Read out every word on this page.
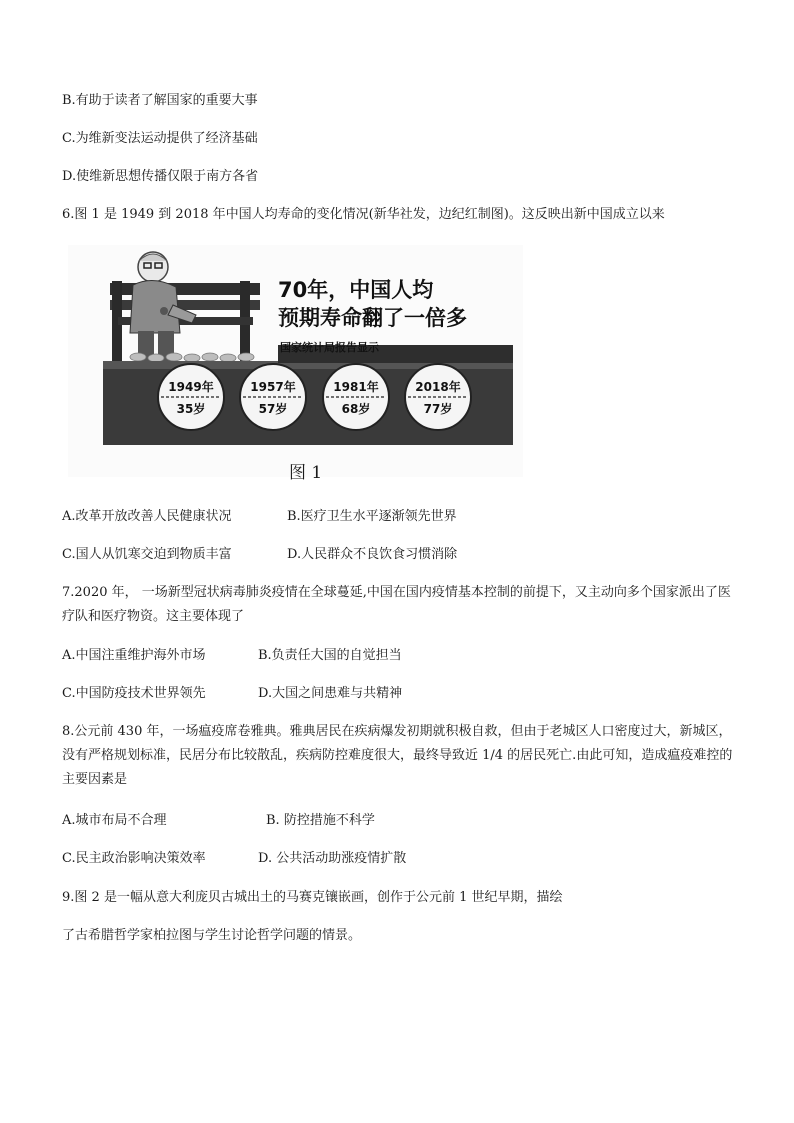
B.有助于读者了解国家的重要大事
C.为维新变法运动提供了经济基础
D.使维新思想传播仅限于南方各省
6.图 1 是 1949 到 2018 年中国人均寿命的变化情况(新华社发，边纪红制图)。这反映出新中国成立以来
1949年
35岁
1957年
57岁
1981年
68岁
2018年
77岁
70年，中国人均
预期寿命翻了一倍多
国家统计局报告显示
图 1
A.改革开放改善人民健康状况	B.医疗卫生水平逐渐领先世界
C.国人从饥寒交迫到物质丰富	D.人民群众不良饮食习惯消除
7.2020 年， 一场新型冠状病毒肺炎疫情在全球蔓延,中国在国内疫情基本控制的前提下，又主动向多个国家派出了医疗队和医疗物资。这主要体现了
A.中国注重维护海外市场	B.负责任大国的自觉担当
C.中国防疫技术世界领先	D.大国之间患难与共精神
8.公元前 430 年，一场瘟疫席卷雅典。雅典居民在疾病爆发初期就积极自救，但由于老城区人口密度过大，新城区，没有严格规划标准，民居分布比较散乱，疾病防控难度很大，最终导致近 1/4 的居民死亡.由此可知，造成瘟疫难控的主要因素是
A.城市布局不合理	B. 防控措施不科学
C.民主政治影响决策效率	D. 公共活动助涨疫情扩散
9.图 2 是一幅从意大利庞贝古城出土的马赛克镶嵌画，创作于公元前 1 世纪早期，描绘
了古希腊哲学家柏拉图与学生讨论哲学问题的情景。
